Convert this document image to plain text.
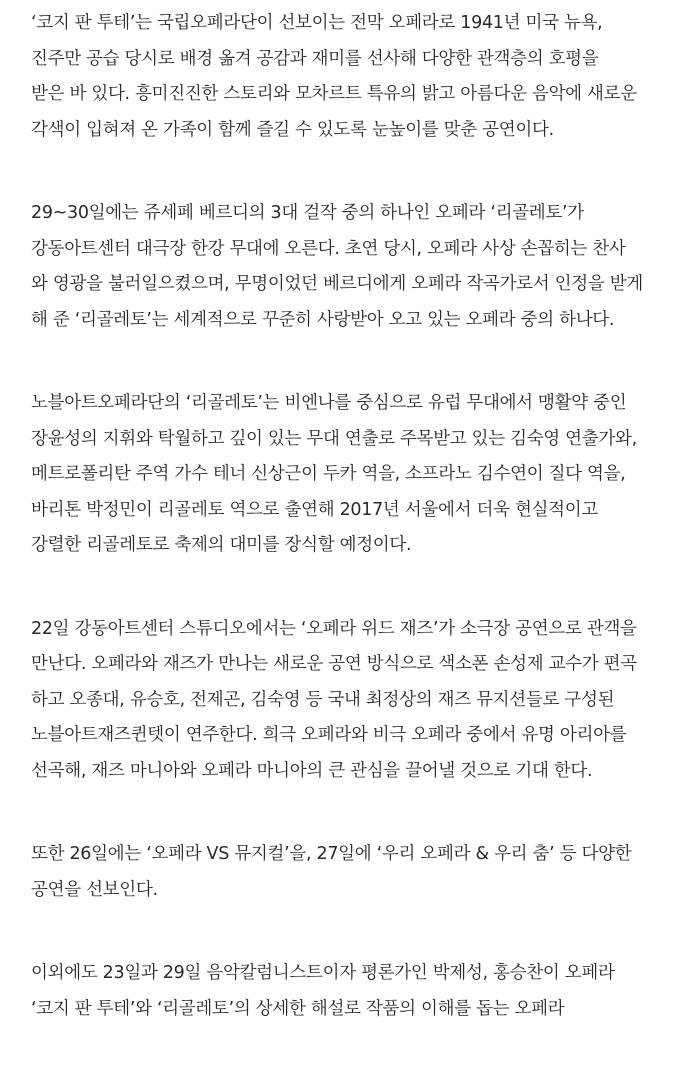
‘코지 판 투테’는 국립오페라단이 선보이는 전막 오페라로 1941년 미국 뉴욕,
진주만 공습 당시로 배경 옮겨 공감과 재미를 선사해 다양한 관객층의 호평을
받은 바 있다. 흥미진진한 스토리와 모차르트 특유의 밝고 아름다운 음악에 새로운
각색이 입혀져 온 가족이 함께 즐길 수 있도록 눈높이를 맞춘 공연이다.
29~30일에는 쥬세페 베르디의 3대 걸작 중의 하나인 오페라 ‘리골레토’가
강동아트센터 대극장 한강 무대에 오른다. 초연 당시, 오페라 사상 손꼽히는 찬사
와 영광을 불러일으켰으며, 무명이었던 베르디에게 오페라 작곡가로서 인정을 받게
해 준 ‘리골레토’는 세계적으로 꾸준히 사랑받아 오고 있는 오페라 중의 하나다.
노블아트오페라단의 ‘리골레토’는 비엔나를 중심으로 유럽 무대에서 맹활약 중인
장윤성의 지휘와 탁월하고 깊이 있는 무대 연출로 주목받고 있는 김숙영 연출가와,
메트로폴리탄 주역 가수 테너 신상근이 두카 역을, 소프라노 김수연이 질다 역을,
바리톤 박정민이 리골레토 역으로 출연해 2017년 서울에서 더욱 현실적이고
강렬한 리골레토로 축제의 대미를 장식할 예정이다.
22일 강동아트센터 스튜디오에서는 ‘오페라 위드 재즈’가 소극장 공연으로 관객을
만난다. 오페라와 재즈가 만나는 새로운 공연 방식으로 색소폰 손성제 교수가 편곡
하고 오종대, 유승호, 전제곤, 김숙영 등 국내 최정상의 재즈 뮤지션들로 구성된
노블아트재즈퀸텟이 연주한다. 희극 오페라와 비극 오페라 중에서 유명 아리아를
선곡해, 재즈 마니아와 오페라 마니아의 큰 관심을 끌어낼 것으로 기대 한다.
또한 26일에는 ‘오페라 VS 뮤지컬’을, 27일에 ‘우리 오페라 & 우리 춤’ 등 다양한
공연을 선보인다.
이외에도 23일과 29일 음악칼럼니스트이자 평론가인 박제성, 홍승찬이 오페라
‘코지 판 투테’와 ‘리골레토’의 상세한 해설로 작품의 이해를 돕는 오페라
